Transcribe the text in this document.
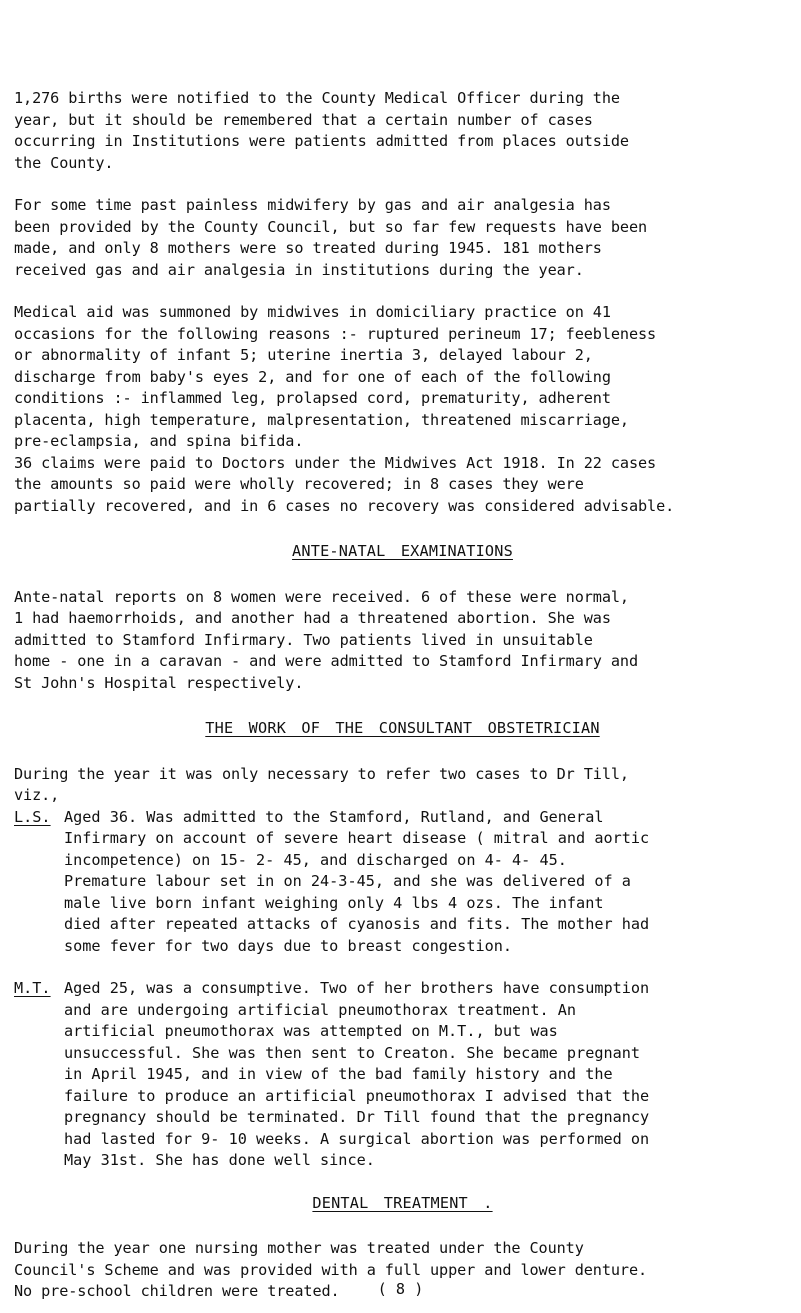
1,276 births were notified to the County Medical Officer during the
year, but it should be remembered that a certain number of cases
occurring in Institutions were patients admitted from places outside
the County.

For some time past painless midwifery by gas and air analgesia has
been provided by the County Council, but so far few requests have been
made, and only 8 mothers were so treated during 1945. 181 mothers
received gas and air analgesia in institutions during the year.

Medical aid was summoned by midwives in domiciliary practice on 41
occasions for the following reasons :- ruptured perineum 17; feebleness
or abnormality of infant 5; uterine inertia 3, delayed labour 2,
discharge from baby's eyes 2, and for one of each of the following
conditions :- inflammed leg, prolapsed cord, prematurity, adherent
placenta, high temperature, malpresentation, threatened miscarriage,
pre-eclampsia, and spina bifida.
36 claims were paid to Doctors under the Midwives Act 1918. In 22 cases
the amounts so paid were wholly recovered; in 8 cases they were
partially recovered, and in 6 cases no recovery was considered advisable.

ANTE-NATAL EXAMINATIONS

Ante-natal reports on 8 women were received. 6 of these were normal,
1 had haemorrhoids, and another had a threatened abortion. She was
admitted to Stamford Infirmary. Two patients lived in unsuitable
home - one in a caravan - and were admitted to Stamford Infirmary and
St John's Hospital respectively.

THE WORK OF THE CONSULTANT OBSTETRICIAN

During the year it was only necessary to refer two cases to Dr Till,
viz.,

L.S. Aged 36. Was admitted to the Stamford, Rutland, and General
Infirmary on account of severe heart disease ( mitral and aortic
incompetence) on 15- 2- 45, and discharged on 4- 4- 45.
Premature labour set in on 24-3-45, and she was delivered of a
male live born infant weighing only 4 lbs 4 ozs. The infant
died after repeated attacks of cyanosis and fits. The mother had
some fever for two days due to breast congestion.
M.T. Aged 25, was a consumptive. Two of her brothers have consumption
and are undergoing artificial pneumothorax treatment. An
artificial pneumothorax was attempted on M.T., but was
unsuccessful. She was then sent to Creaton. She became pregnant
in April 1945, and in view of the bad family history and the
failure to produce an artificial pneumothorax I advised that the
pregnancy should be terminated. Dr Till found that the pregnancy
had lasted for 9- 10 weeks. A surgical abortion was performed on
May 31st. She has done well since.

DENTAL TREATMENT .

During the year one nursing mother was treated under the County
Council's Scheme and was provided with a full upper and lower denture.
No pre-school children were treated.	( 8 )
